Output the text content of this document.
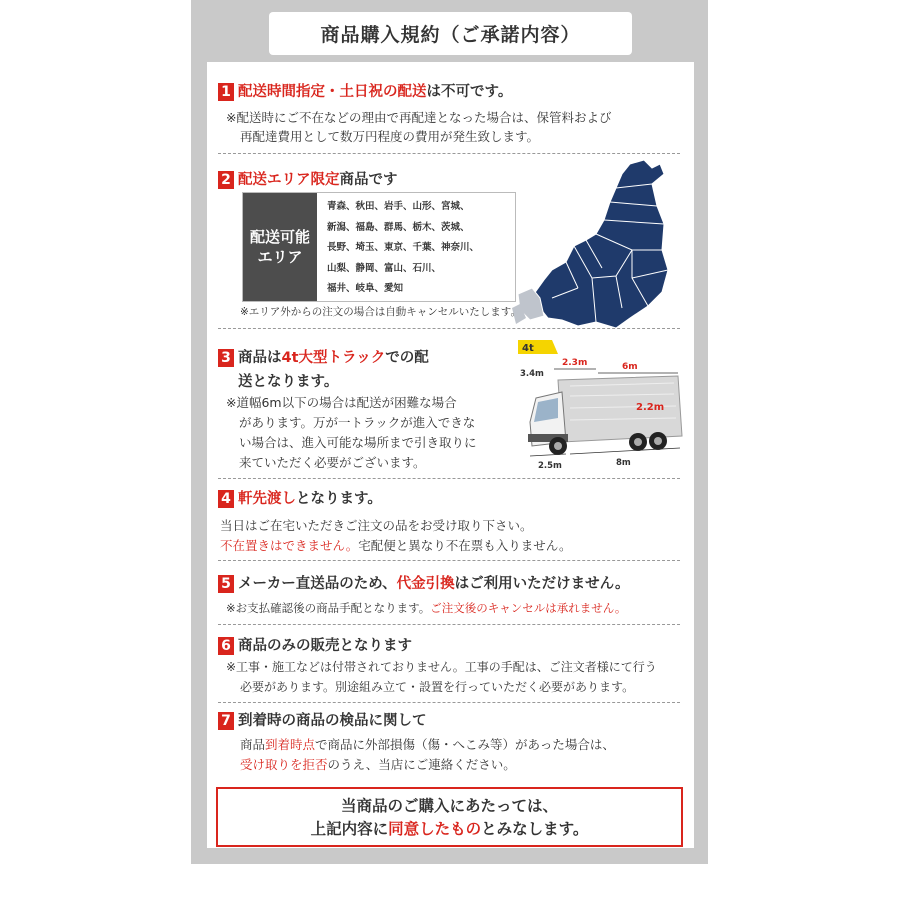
商品購入規約（ご承諾内容）
1 配送時間指定・土日祝の配送は不可です。
※配送時にご不在などの理由で再配達となった場合は、保管料および
再配達費用として数万円程度の費用が発生致します。
2 配送エリア限定商品です
配送可能
エリア
青森、秋田、岩手、山形、宮城、
新潟、福島、群馬、栃木、茨城、
長野、埼玉、東京、千葉、神奈川、
山梨、静岡、富山、石川、
福井、岐阜、愛知
※エリア外からの注文の場合は自動キャンセルいたします。
3 商品は4t大型トラックでの配
送となります。
※道幅6m以下の場合は配送が困難な場合
があります。万が一トラックが進入できな
い場合は、進入可能な場所まで引き取りに
来ていただく必要がございます。
4t
3.4m
2.3m	6m
2.2m
2.5m	8m
4 軒先渡しとなります。
当日はご在宅いただきご注文の品をお受け取り下さい。
不在置きはできません。宅配便と異なり不在票も入りません。
5 メーカー直送品のため、代金引換はご利用いただけません。
※お支払確認後の商品手配となります。ご注文後のキャンセルは承れません。
6 商品のみの販売となります
※工事・施工などは付帯されておりません。工事の手配は、ご注文者様にて行う
必要があります。別途組み立て・設置を行っていただく必要があります。
7 到着時の商品の検品に関して
商品到着時点で商品に外部損傷（傷・へこみ等）があった場合は、
受け取りを拒否のうえ、当店にご連絡ください。
当商品のご購入にあたっては、
上記内容に同意したものとみなします。
